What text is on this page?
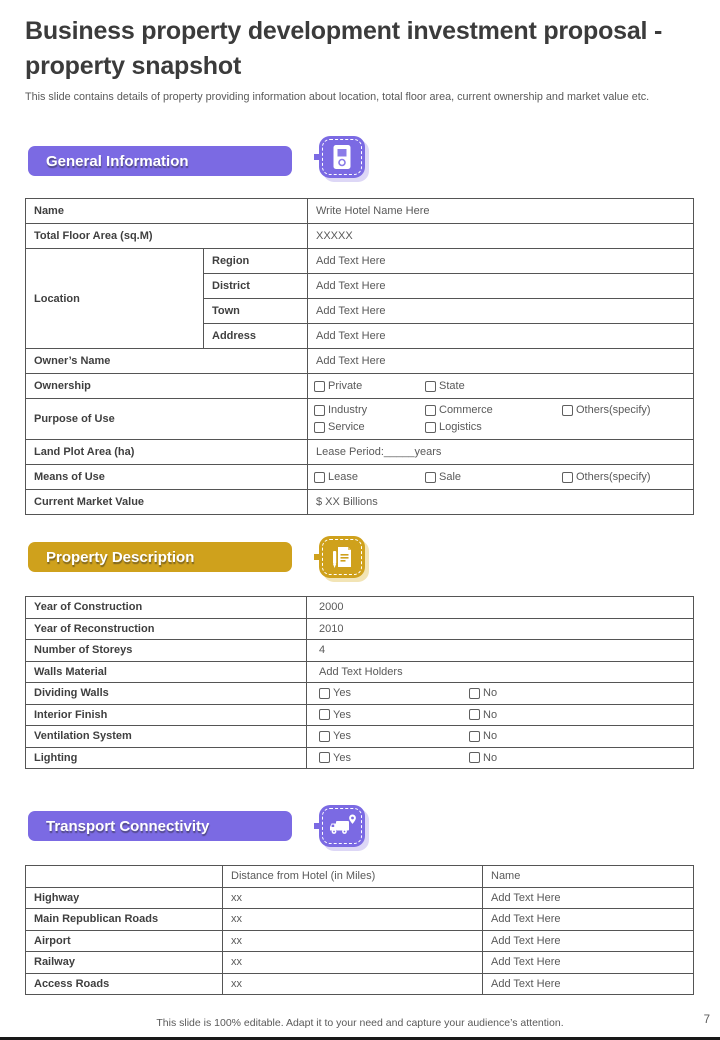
Business property development investment proposal - property snapshot

This slide contains details of property providing information about location, total floor area, current ownership and market value etc.

General Information
Name		Write Hotel Name Here
Total Floor Area (sq.M)		XXXXX
Location	Region	Add Text Here
	District	Add Text Here
	Town	Add Text Here
	Address	Add Text Here
Owner’s Name		Add Text Here
Ownership		Private State

Purpose of Use		Industry Commerce Others(specify)
Service Logistics

Land Plot Area (ha)		Lease Period:_____years
Means of Use		Lease Sale Others(specify)

Current Market Value		$ XX Billions
Property Description
Year of Construction	2000
Year of Reconstruction	2010
Number of Storeys	4
Walls Material	Add Text Holders
Dividing Walls	Yes No

Interior Finish	Yes No

Ventilation System	Yes No

Lighting	Yes No
Transport Connectivity
	Distance from Hotel (in Miles)	Name
Highway	xx	Add Text Here
Main Republican Roads	xx	Add Text Here
Airport	xx	Add Text Here
Railway	xx	Add Text Here
Access Roads	xx	Add Text Here
This slide is 100% editable. Adapt it to your need and capture your audience’s attention.	7
